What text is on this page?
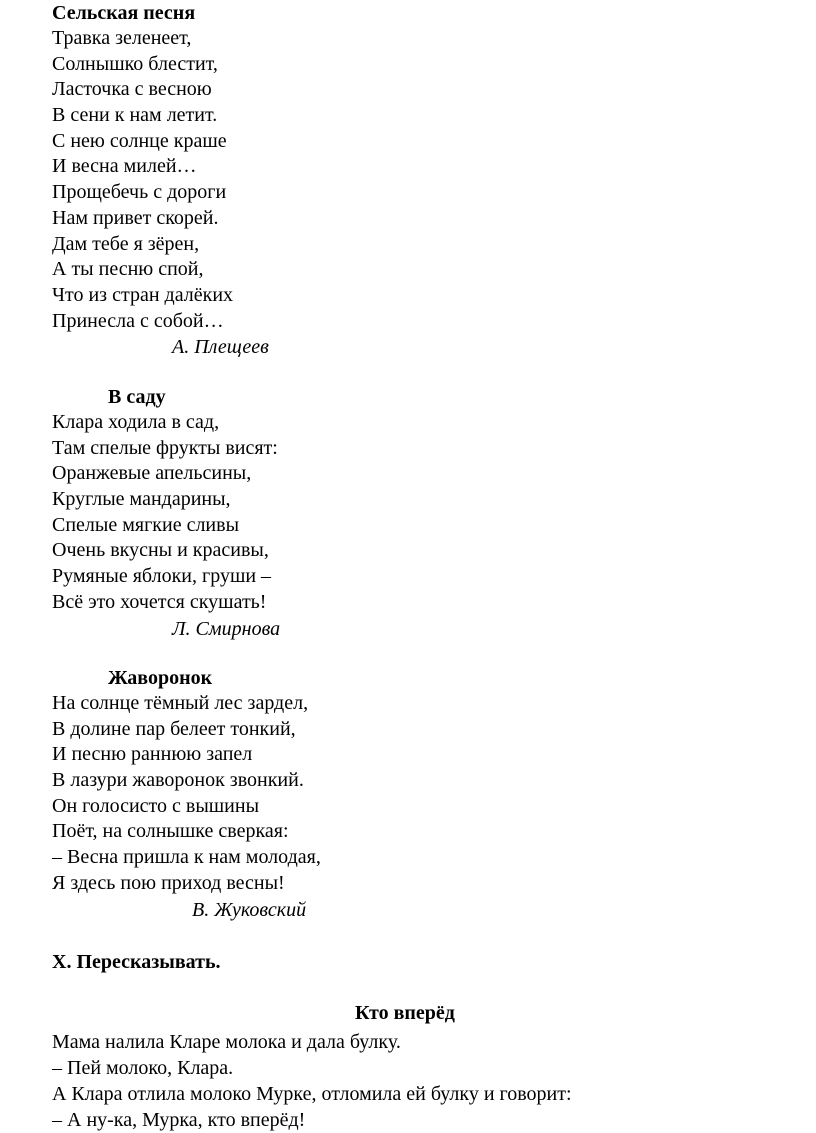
Сельская песня
Травка зеленеет,
Солнышко блестит,
Ласточка с весною
В сени к нам летит.
С нею солнце краше
И весна милей…
Прощебечь с дороги
Нам привет скорей.
Дам тебе я зёрен,
А ты песню спой,
Что из стран далёких
Принесла с собой…
А. Плещеев
В саду
Клара ходила в сад,
Там спелые фрукты висят:
Оранжевые апельсины,
Круглые мандарины,
Спелые мягкие сливы
Очень вкусны и красивы,
Румяные яблоки, груши –
Всё это хочется скушать!
Л. Смирнова
Жаворонок
На солнце тёмный лес зардел,
В долине пар белеет тонкий,
И песню раннюю запел
В лазури жаворонок звонкий.
Он голосисто с вышины
Поёт, на солнышке сверкая:
– Весна пришла к нам молодая,
Я здесь пою приход весны!
В. Жуковский
X. Пересказывать.
Кто вперёд
Мама налила Кларе молока и дала булку.
– Пей молоко, Клара.
А Клара отлила молоко Мурке, отломила ей булку и говорит:
– А ну-ка, Мурка, кто вперёд!
